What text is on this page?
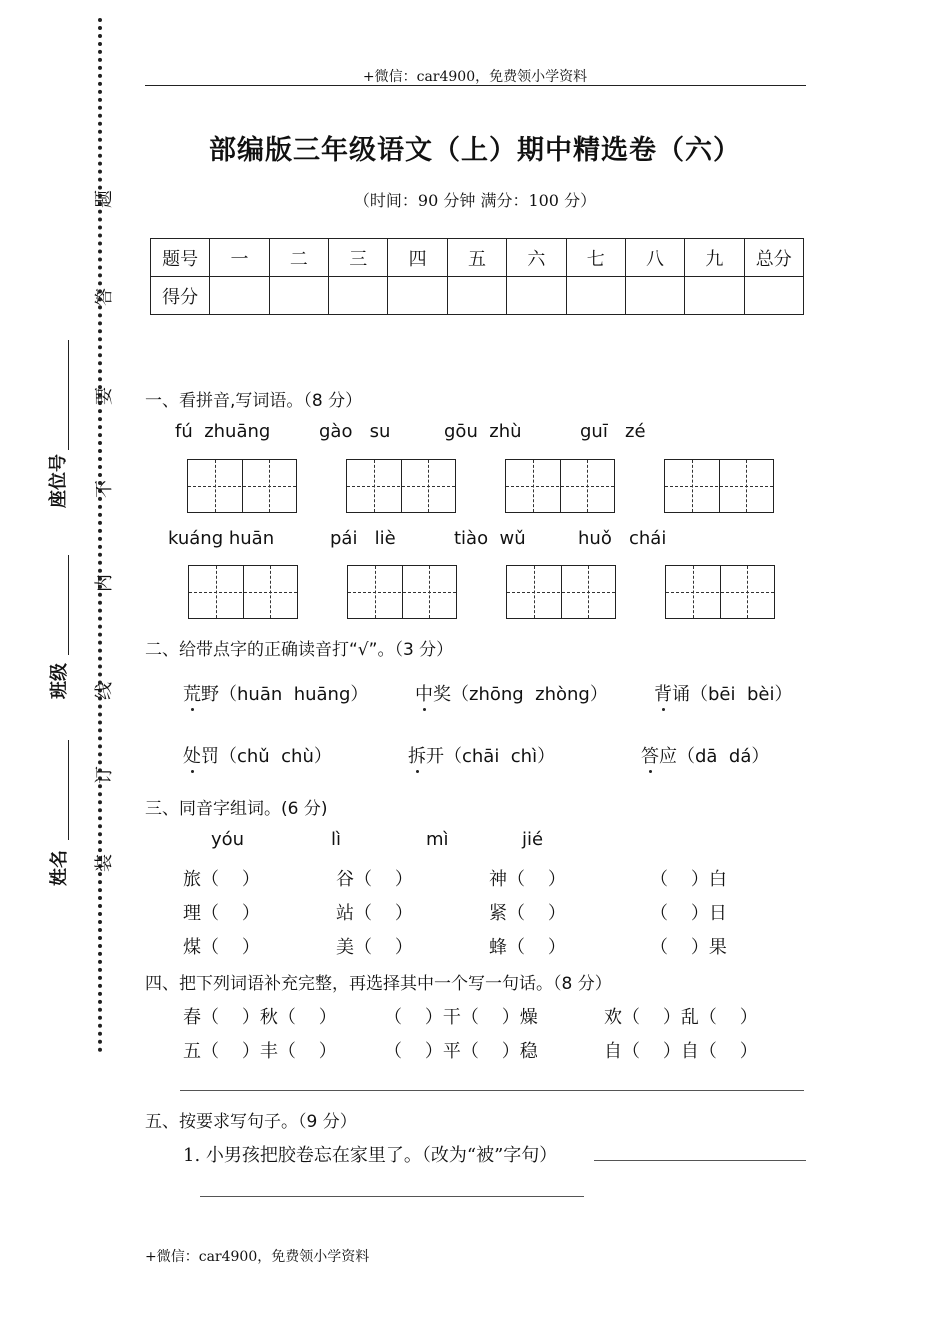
+微信：car4900，免费领小学资料
装
订
线
内
不
要
答
题
姓名
班级
座位号
部编版三年级语文（上）期中精选卷（六）
（时间：90 分钟 满分：100 分）
题号	一	二	三	四	五	六	七	八	九	总分
得分										
一、看拼音,写词语。（8 分）
fú  zhuāng	gào   su	gōu  zhù	guī   zé
kuáng huān	pái   liè	tiào  wǔ	huǒ   chái
二、给带点字的正确读音打“√”。（3 分）
荒野（huān  huāng）	中奖（zhōng  zhòng）	背诵（bēi  bèi）
处罚（chǔ  chù）	拆开（chāi  chì）	答应（dā  dá）
三、同音字组词。(6 分)
yóu	lì	mì	jié
旅（    ）	谷（    ）	神（    ）	（    ）白
理（    ）	站（    ）	紧（    ）	（    ）日
煤（    ）	美（    ）	蜂（    ）	（    ）果
四、把下列词语补充完整，再选择其中一个写一句话。（8 分）
春（    ）秋（    ）	（    ）干（    ）燥	欢（    ）乱（    ）
五（    ）丰（    ）	（    ）平（    ）稳	自（    ）自（    ）
五、按要求写句子。（9 分）
1. 小男孩把胶卷忘在家里了。（改为“被”字句）
+微信：car4900，免费领小学资料
